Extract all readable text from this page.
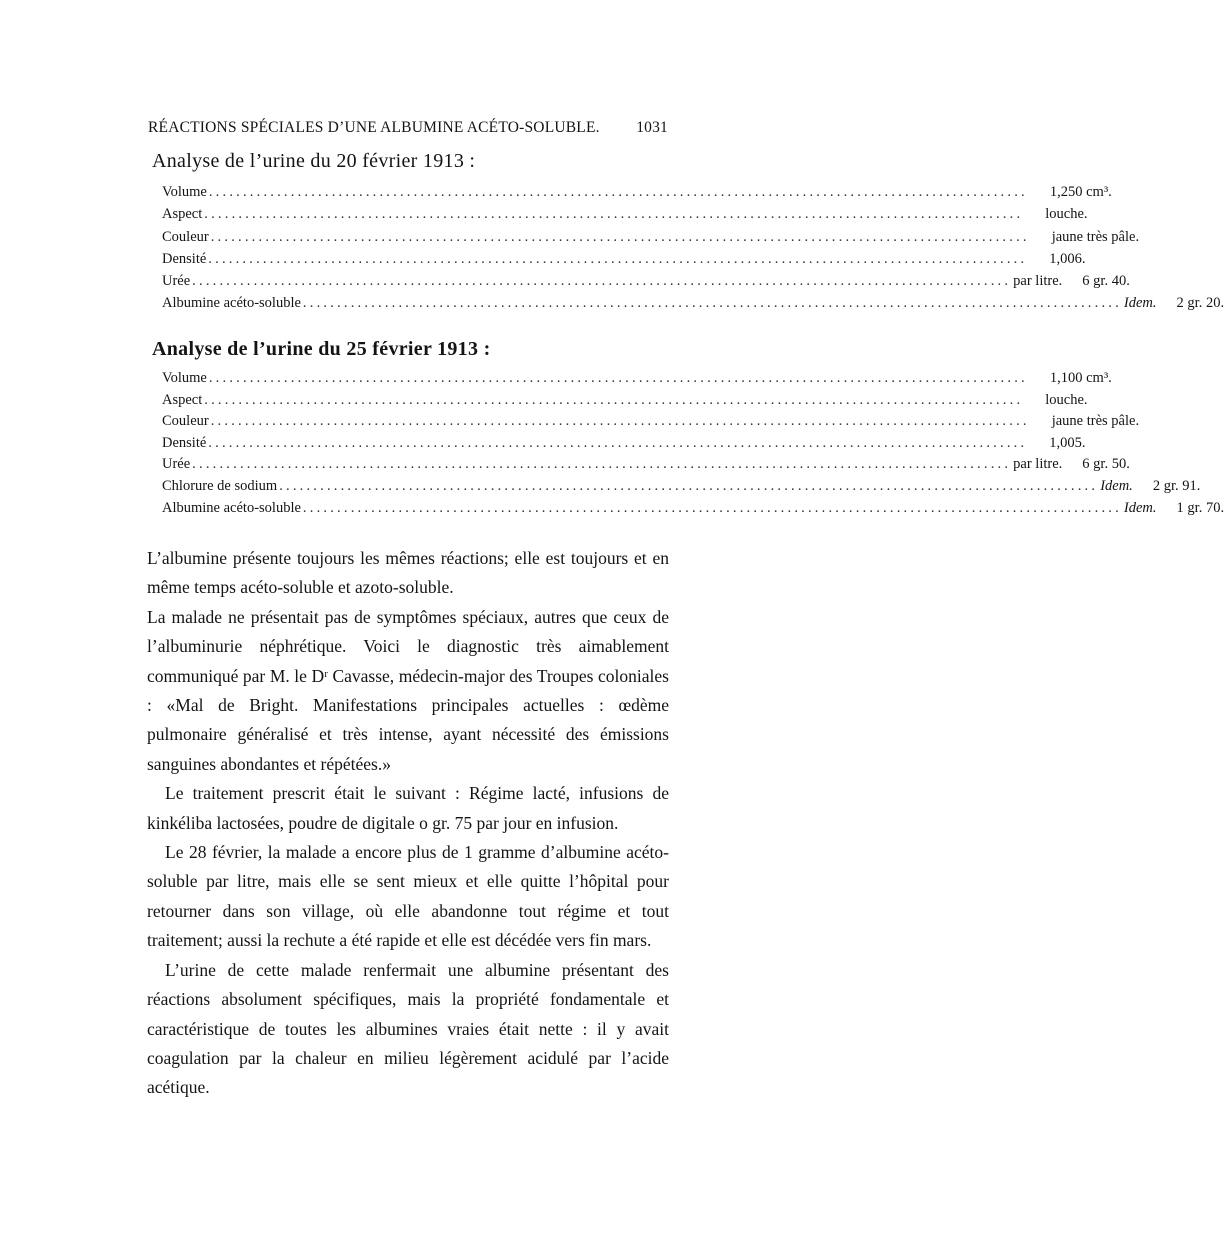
RÉACTIONS SPÉCIALES D’UNE ALBUMINE ACÉTO-SOLUBLE. 1031
Analyse de l’urine du 20 février 1913 :
Volume ........................................................................................................................ 1,250 cm³.
Aspect ........................................................................................................................ louche.
Couleur ........................................................................................................................ jaune très pâle.
Densité ........................................................................................................................ 1,006.
Urée ........................................................................................................................ par litre. 6 gr. 40.
Albumine acéto-soluble ........................................................................................................................ Idem. 2 gr. 20.
Analyse de l’urine du 25 février 1913 :
Volume ........................................................................................................................ 1,100 cm³.
Aspect ........................................................................................................................ louche.
Couleur ........................................................................................................................ jaune très pâle.
Densité ........................................................................................................................ 1,005.
Urée ........................................................................................................................ par litre. 6 gr. 50.
Chlorure de sodium ........................................................................................................................ Idem. 2 gr. 91.
Albumine acéto-soluble ........................................................................................................................ Idem. 1 gr. 70.

L’albumine présente toujours les mêmes réactions; elle est toujours et en même temps acéto-soluble et azoto-soluble.

La malade ne présentait pas de symptômes spéciaux, autres que ceux de l’albuminurie néphrétique. Voici le diagnostic très aimablement communiqué par M. le Dʳ Cavasse, médecin-major des Troupes coloniales : «Mal de Bright. Manifestations principales actuelles : œdème pulmonaire généralisé et très intense, ayant nécessité des émissions sanguines abondantes et répétées.»

Le traitement prescrit était le suivant : Régime lacté, infusions de kinkéliba lactosées, poudre de digitale o gr. 75 par jour en infusion.

Le 28 février, la malade a encore plus de 1 gramme d’albumine acéto-soluble par litre, mais elle se sent mieux et elle quitte l’hôpital pour retourner dans son village, où elle abandonne tout régime et tout traitement; aussi la rechute a été rapide et elle est décédée vers fin mars.

L’urine de cette malade renfermait une albumine présentant des réactions absolument spécifiques, mais la propriété fondamentale et caractéristique de toutes les albumines vraies était nette : il y avait coagulation par la chaleur en milieu légèrement acidulé par l’acide acétique.
